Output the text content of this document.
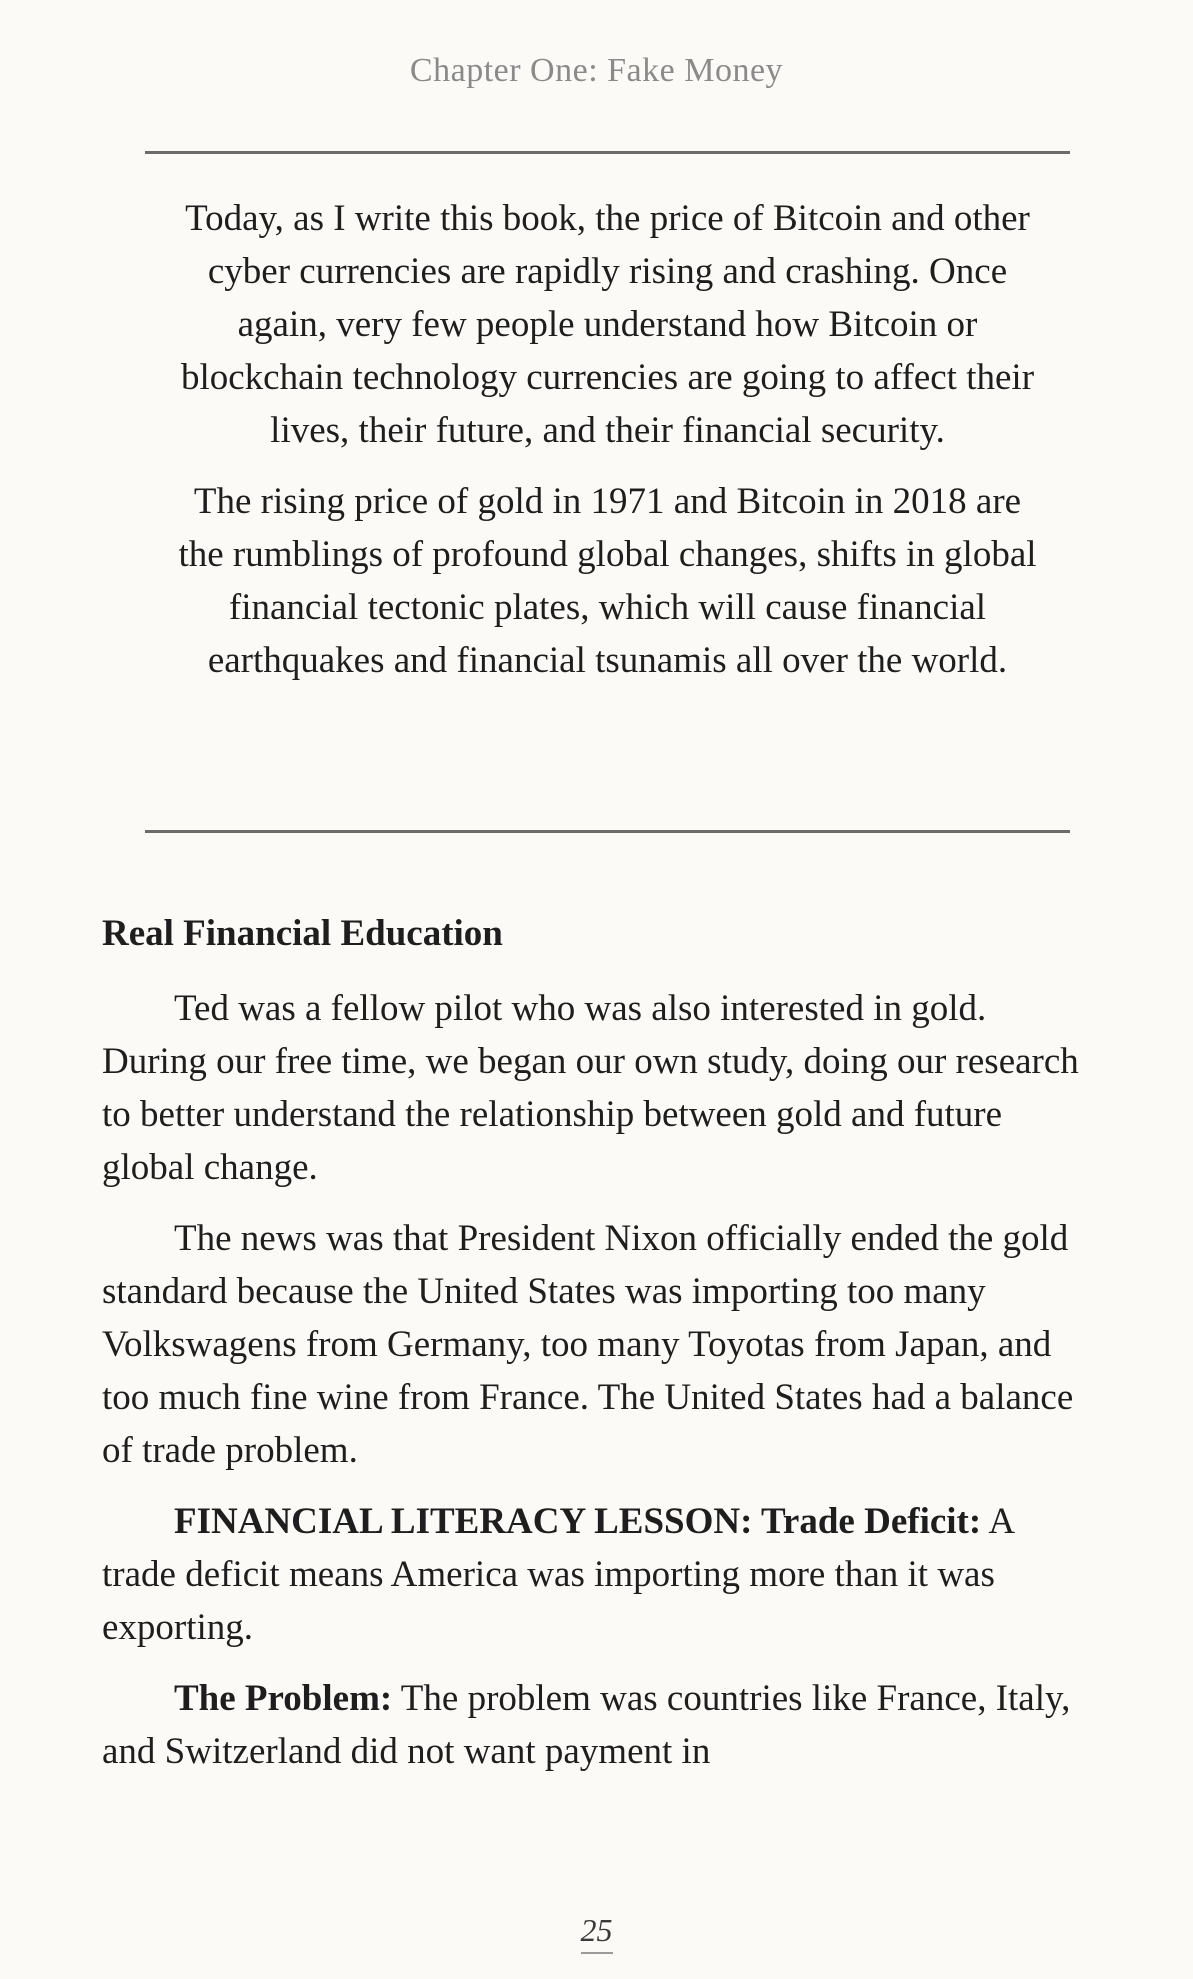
Chapter One: Fake Money

Today, as I write this book, the price of Bitcoin and other cyber currencies are rapidly rising and crashing. Once again, very few people understand how Bitcoin or blockchain technology currencies are going to affect their lives, their future, and their financial security.

The rising price of gold in 1971 and Bitcoin in 2018 are the rumblings of profound global changes, shifts in global financial tectonic plates, which will cause financial earthquakes and financial tsunamis all over the world.

Real Financial Education

Ted was a fellow pilot who was also interested in gold. During our free time, we began our own study, doing our research to better understand the relationship between gold and future global change.

The news was that President Nixon officially ended the gold standard because the United States was importing too many Volkswagens from Germany, too many Toyotas from Japan, and too much fine wine from France. The United States had a balance of trade problem.

FINANCIAL LITERACY LESSON: Trade Deficit: A trade deficit means America was importing more than it was exporting.

The Problem: The problem was countries like France, Italy, and Switzerland did not want payment in

25
